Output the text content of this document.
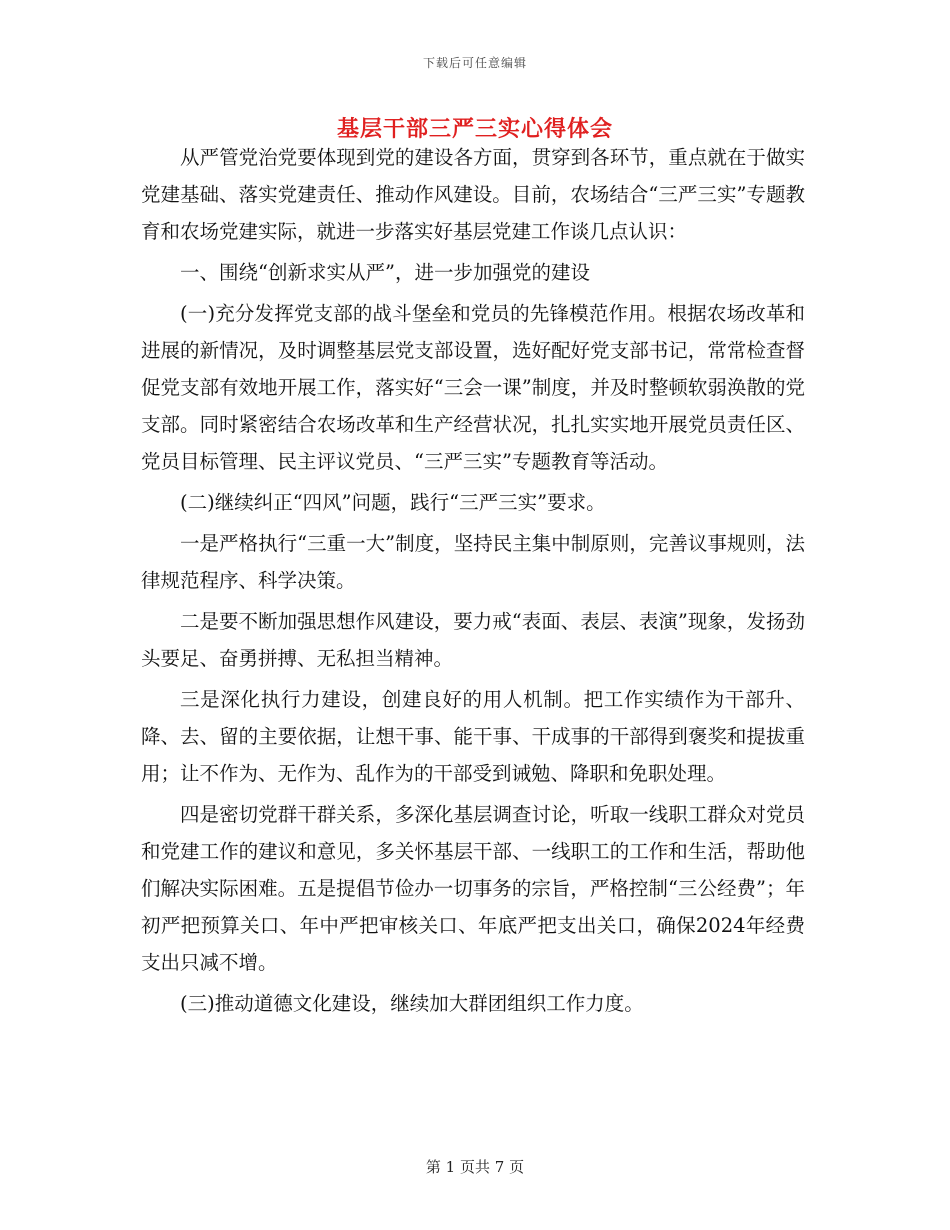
下载后可任意编辑
基层干部三严三实心得体会

从严管党治党要体现到党的建设各方面，贯穿到各环节，重点就在于做实党建基础、落实党建责任、推动作风建设。目前，农场结合“三严三实”专题教育和农场党建实际，就进一步落实好基层党建工作谈几点认识：

一、围绕“创新求实从严”，进一步加强党的建设

(一)充分发挥党支部的战斗堡垒和党员的先锋模范作用。根据农场改革和进展的新情况，及时调整基层党支部设置，选好配好党支部书记，常常检查督促党支部有效地开展工作，落实好“三会一课”制度，并及时整顿软弱涣散的党支部。同时紧密结合农场改革和生产经营状况，扎扎实实地开展党员责任区、党员目标管理、民主评议党员、“三严三实”专题教育等活动。

(二)继续纠正“四风”问题，践行“三严三实”要求。

一是严格执行“三重一大”制度，坚持民主集中制原则，完善议事规则，法律规范程序、科学决策。

二是要不断加强思想作风建设，要力戒“表面、表层、表演”现象，发扬劲头要足、奋勇拼搏、无私担当精神。

三是深化执行力建设，创建良好的用人机制。把工作实绩作为干部升、降、去、留的主要依据，让想干事、能干事、干成事的干部得到褒奖和提拔重用；让不作为、无作为、乱作为的干部受到诫勉、降职和免职处理。

四是密切党群干群关系，多深化基层调查讨论，听取一线职工群众对党员和党建工作的建议和意见，多关怀基层干部、一线职工的工作和生活，帮助他们解决实际困难。五是提倡节俭办一切事务的宗旨，严格控制“三公经费”；年初严把预算关口、年中严把审核关口、年底严把支出关口，确保2024年经费支出只减不增。

(三)推动道德文化建设，继续加大群团组织工作力度。

第 1 页共 7 页
